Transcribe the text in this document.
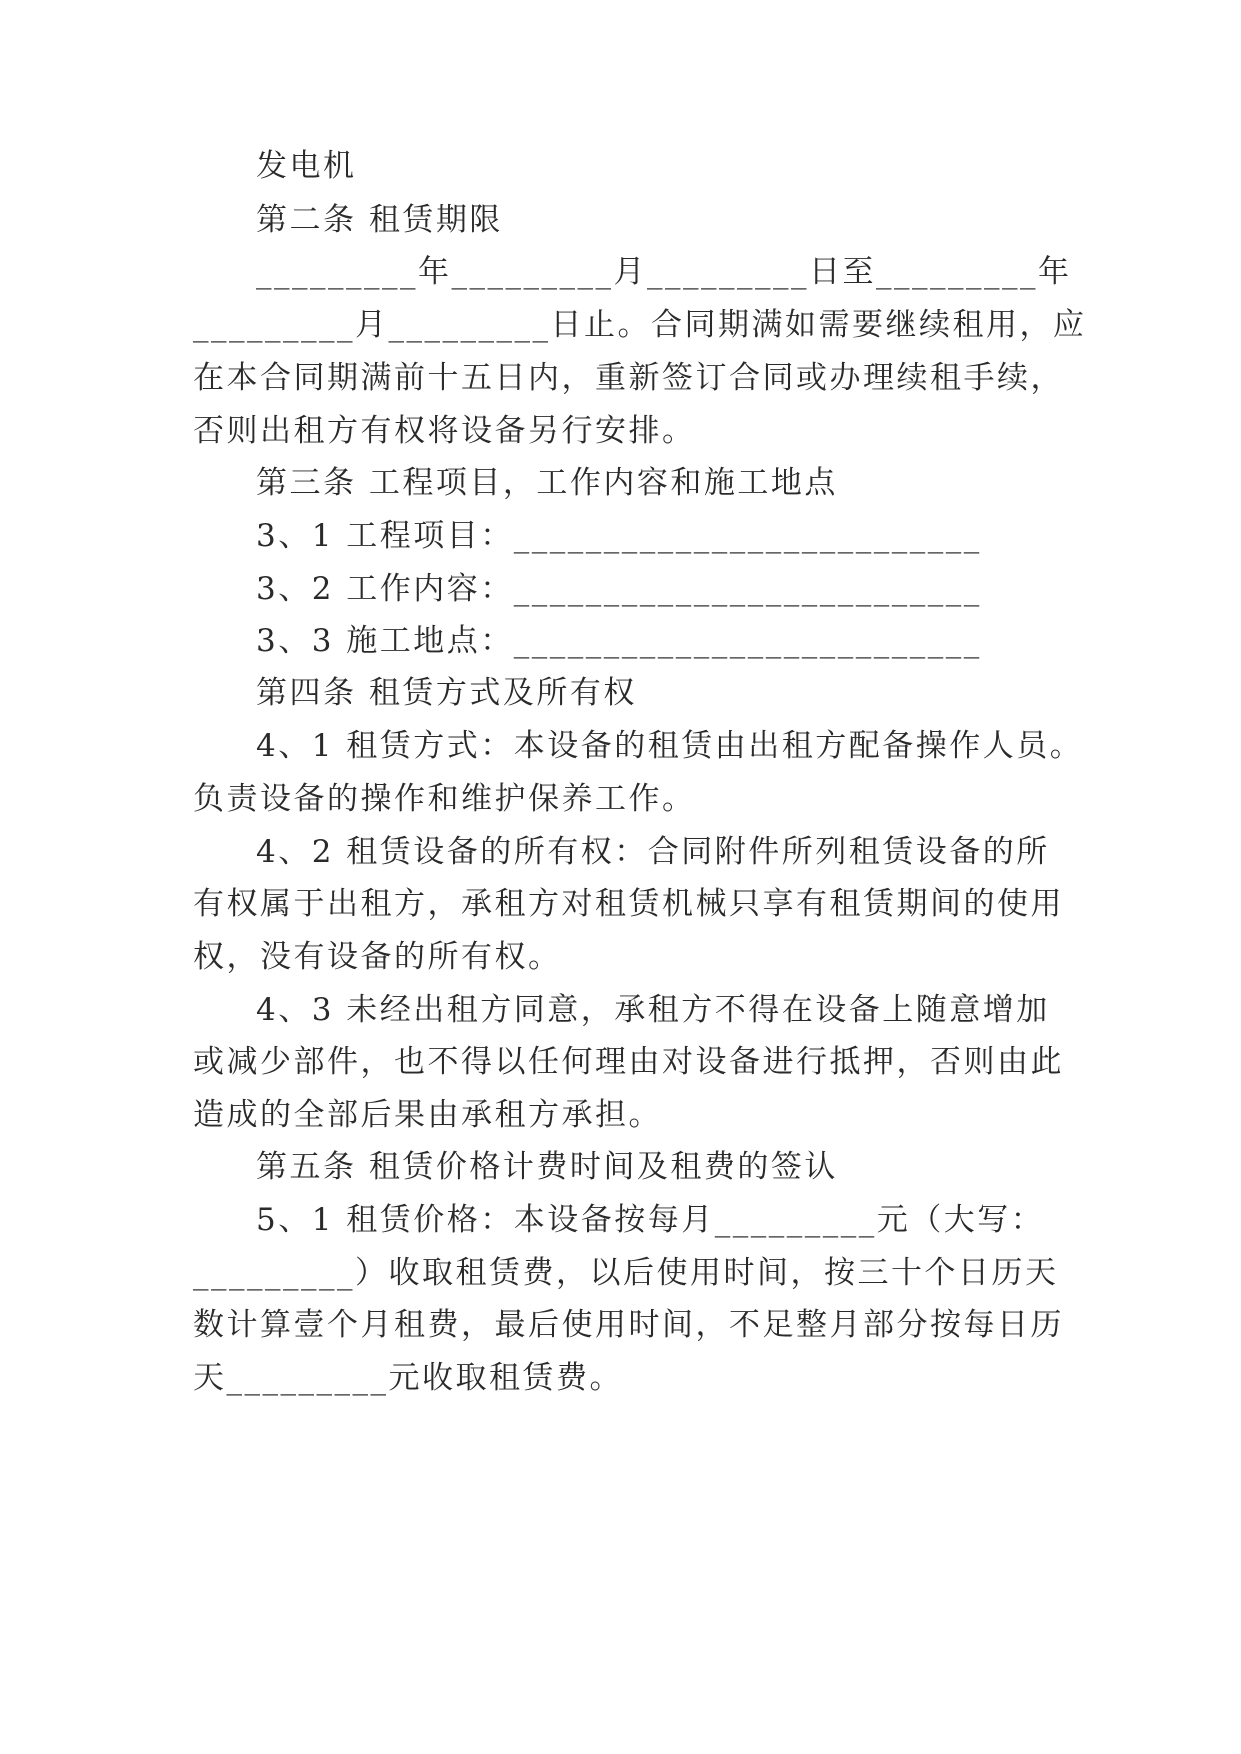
发电机
第二条 租赁期限
_________年_________月_________日至_________年
_________月_________日止。合同期满如需要继续租用，应
在本合同期满前十五日内，重新签订合同或办理续租手续，
否则出租方有权将设备另行安排。
第三条 工程项目，工作内容和施工地点
3、1 工程项目：__________________________
3、2 工作内容：__________________________
3、3 施工地点：__________________________
第四条 租赁方式及所有权
4、1 租赁方式：本设备的租赁由出租方配备操作人员。
负责设备的操作和维护保养工作。
4、2 租赁设备的所有权：合同附件所列租赁设备的所
有权属于出租方，承租方对租赁机械只享有租赁期间的使用
权，没有设备的所有权。
4、3 未经出租方同意，承租方不得在设备上随意增加
或减少部件，也不得以任何理由对设备进行抵押，否则由此
造成的全部后果由承租方承担。
第五条 租赁价格计费时间及租费的签认
5、1 租赁价格：本设备按每月_________元（大写：
_________）收取租赁费，以后使用时间，按三十个日历天
数计算壹个月租费，最后使用时间，不足整月部分按每日历
天_________元收取租赁费。
